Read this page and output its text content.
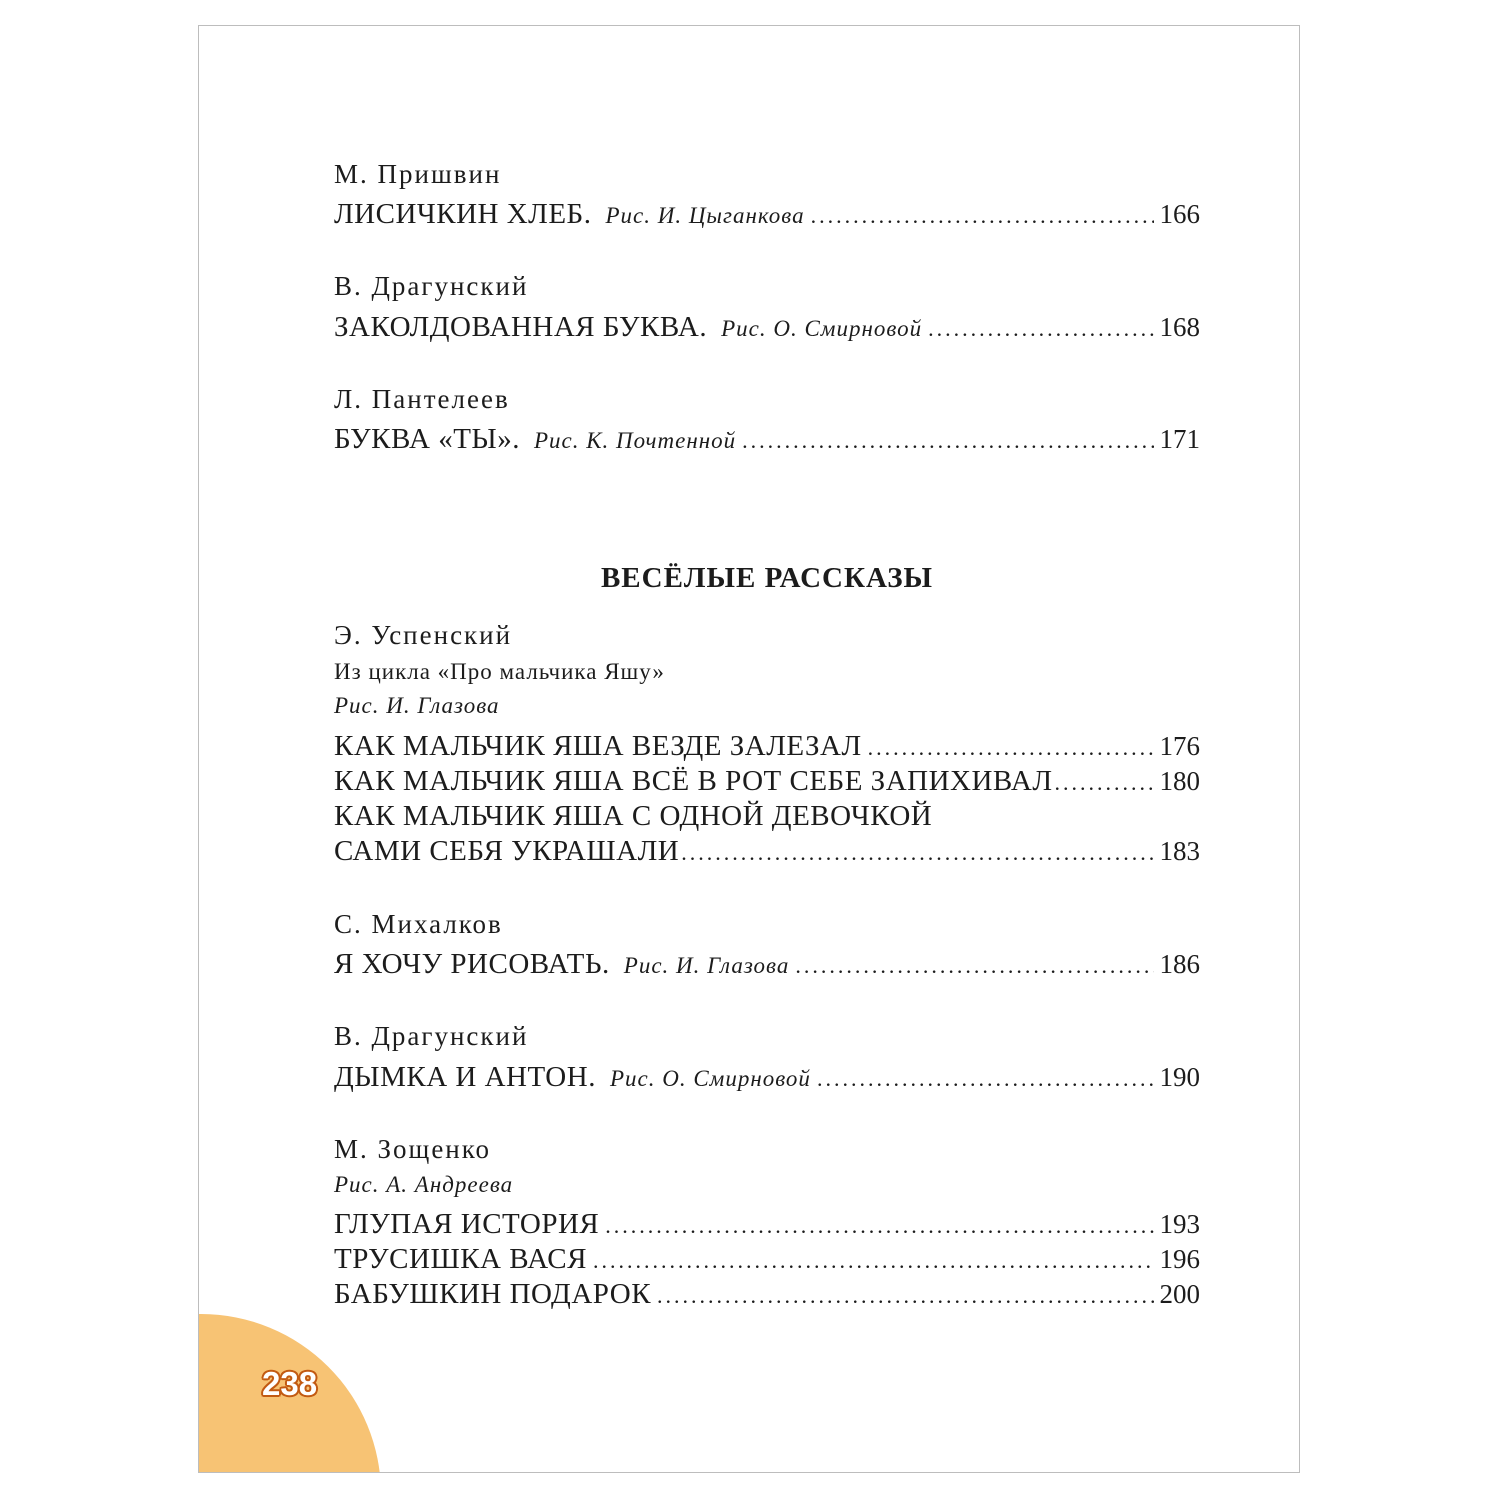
238
М. Пришвин
ЛИСИЧКИН ХЛЕБ. Рис. И. Цыганкова .....	166
В. Драгунский
ЗАКОЛДОВАННАЯ БУКВА. Рис. О. Смирновой .....	168
Л. Пантелеев
БУКВА «ТЫ». Рис. К. Почтенной .....	171
ВЕСЁЛЫЕ РАССКАЗЫ
Э. Успенский
Из цикла «Про мальчика Яшу»
Рис. И. Глазова
КАК МАЛЬЧИК ЯША ВЕЗДЕ ЗАЛЕЗАЛ .....	176
КАК МАЛЬЧИК ЯША ВСЁ В РОТ СЕБЕ ЗАПИХИВАЛ .....	180
КАК МАЛЬЧИК ЯША С ОДНОЙ ДЕВОЧКОЙ
САМИ СЕБЯ УКРАШАЛИ .....	183
С. Михалков
Я ХОЧУ РИСОВАТЬ. Рис. И. Глазова .....	186
В. Драгунский
ДЫМКА И АНТОН. Рис. О. Смирновой .....	190
М. Зощенко
Рис. А. Андреева
ГЛУПАЯ ИСТОРИЯ .....	193
ТРУСИШКА ВАСЯ .....	196
БАБУШКИН ПОДАРОК .....	200
